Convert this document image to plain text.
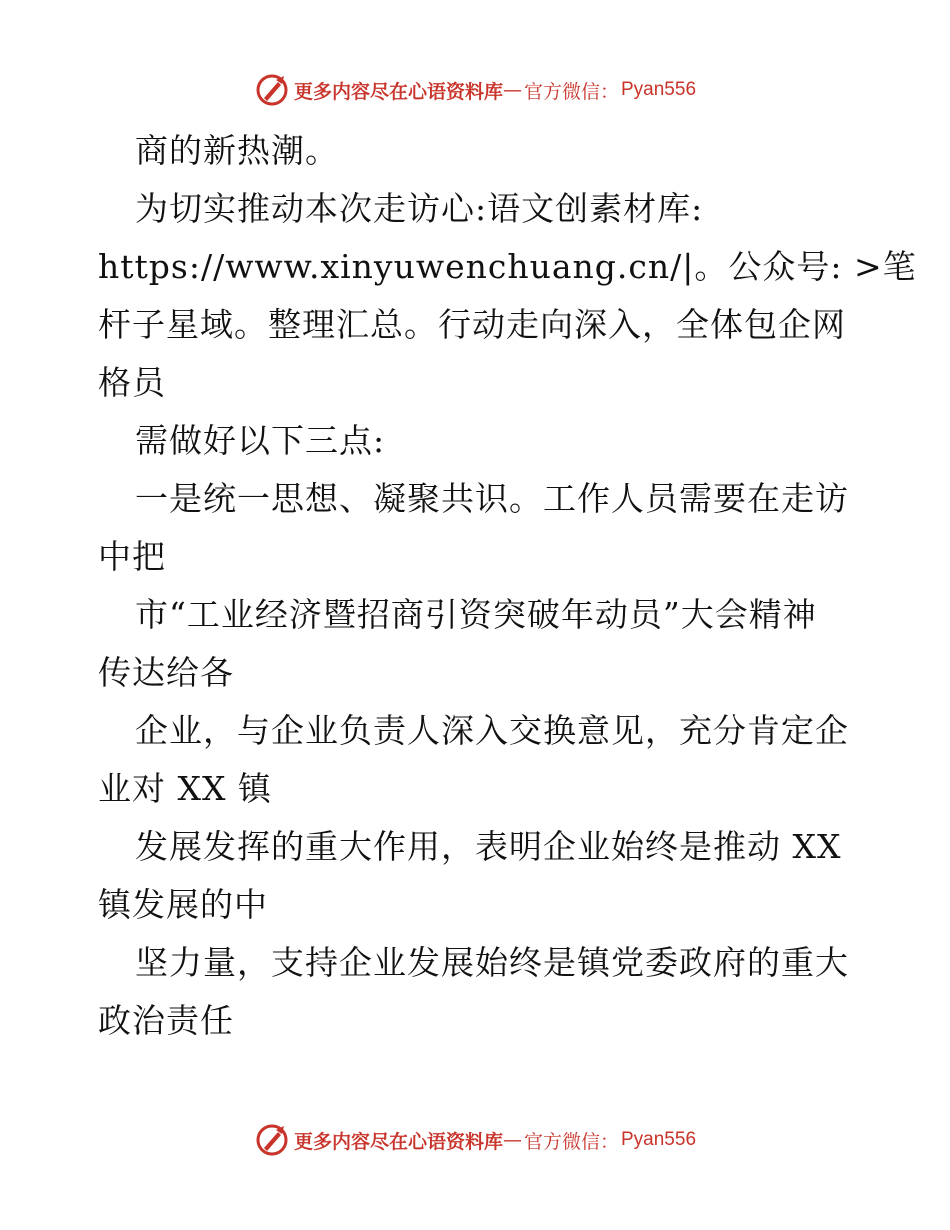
更多内容尽在心语资料库 — 官方微信： Pyan556
商的新热潮。
为切实推动本次走访心:语文创素材库:
https://www.xinyuwenchuang.cn/|。公众号: >笔
杆子星域。整理汇总。行动走向深入，全体包企网
格员
需做好以下三点:
一是统一思想、凝聚共识。工作人员需要在走访
中把
市“工业经济暨招商引资突破年动员”大会精神
传达给各
企业，与企业负责人深入交换意见，充分肯定企
业对 XX 镇
发展发挥的重大作用，表明企业始终是推动 XX
镇发展的中
坚力量，支持企业发展始终是镇党委政府的重大
政治责任
更多内容尽在心语资料库 — 官方微信： Pyan556
